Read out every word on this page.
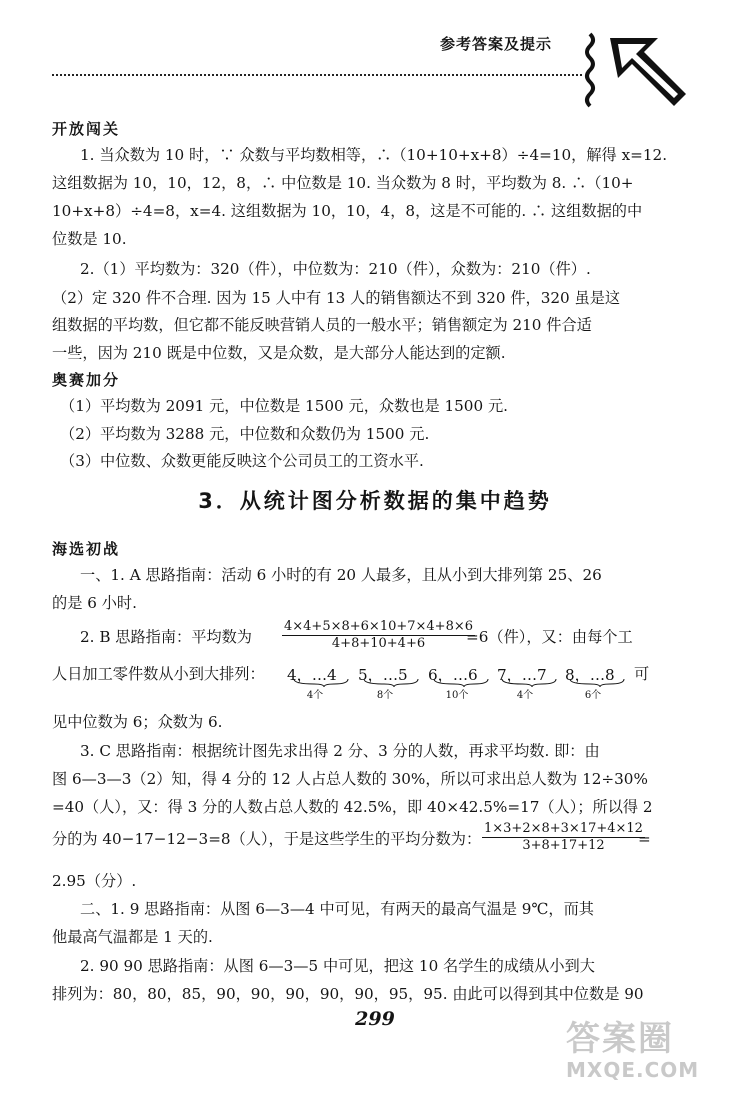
参考答案及提示
开放闯关
1. 当众数为 10 时，∵ 众数与平均数相等，∴（10+10+x+8）÷4=10，解得 x=12.
这组数据为 10，10，12，8，∴ 中位数是 10. 当众数为 8 时，平均数为 8. ∴（10+
10+x+8）÷4=8，x=4. 这组数据为 10，10，4，8，这是不可能的. ∴ 这组数据的中
位数是 10.
2.（1）平均数为：320（件），中位数为：210（件），众数为：210（件）.
（2）定 320 件不合理. 因为 15 人中有 13 人的销售额达不到 320 件，320 虽是这
组数据的平均数，但它都不能反映营销人员的一般水平；销售额定为 210 件合适
一些，因为 210 既是中位数，又是众数，是大部分人能达到的定额.
奥赛加分
（1）平均数为 2091 元，中位数是 1500 元，众数也是 1500 元.
（2）平均数为 3288 元，中位数和众数仍为 1500 元.
（3）中位数、众数更能反映这个公司员工的工资水平.
3．从统计图分析数据的集中趋势
海选初战
一、1. A 思路指南：活动 6 小时的有 20 人最多，且从小到大排列第 25、26
的是 6 小时.
2. B 思路指南：平均数为 $\frac{4\times 4+5\times 8+6\times 10+7\times 4+8\times 6}{4+8+10+4+6}$
=6（件），又：由每个工
人日加工零件数从小到大排列： 4，…4
4个
5，…5
8个
6，…6
10个
7，…7
4个
8，…8
6个
可
见中位数为 6；众数为 6.
3. C 思路指南：根据统计图先求出得 2 分、3 分的人数，再求平均数. 即：由
图 6—3—3（2）知，得 4 分的 12 人占总人数的 30%，所以可求出总人数为 12÷30%
=40（人），又：得 3 分的人数占总人数的 42.5%，即 40×42.5%=17（人）；所以得 2
分的为 40−17−12−3=8（人），于是这些学生的平均分数为： $\frac{1\times 3+2\times 8+3\times 17+4\times 12}{3+8+17+12}$
=
2.95（分）.
二、1. 9 思路指南：从图 6—3—4 中可见，有两天的最高气温是 9℃，而其
他最高气温都是 1 天的.
2. 90 90 思路指南：从图 6—3—5 中可见，把这 10 名学生的成绩从小到大
排列为：80，80，85，90，90，90，90，90，95，95. 由此可以得到其中位数是 90
299	答案圈
MXQE.COM
